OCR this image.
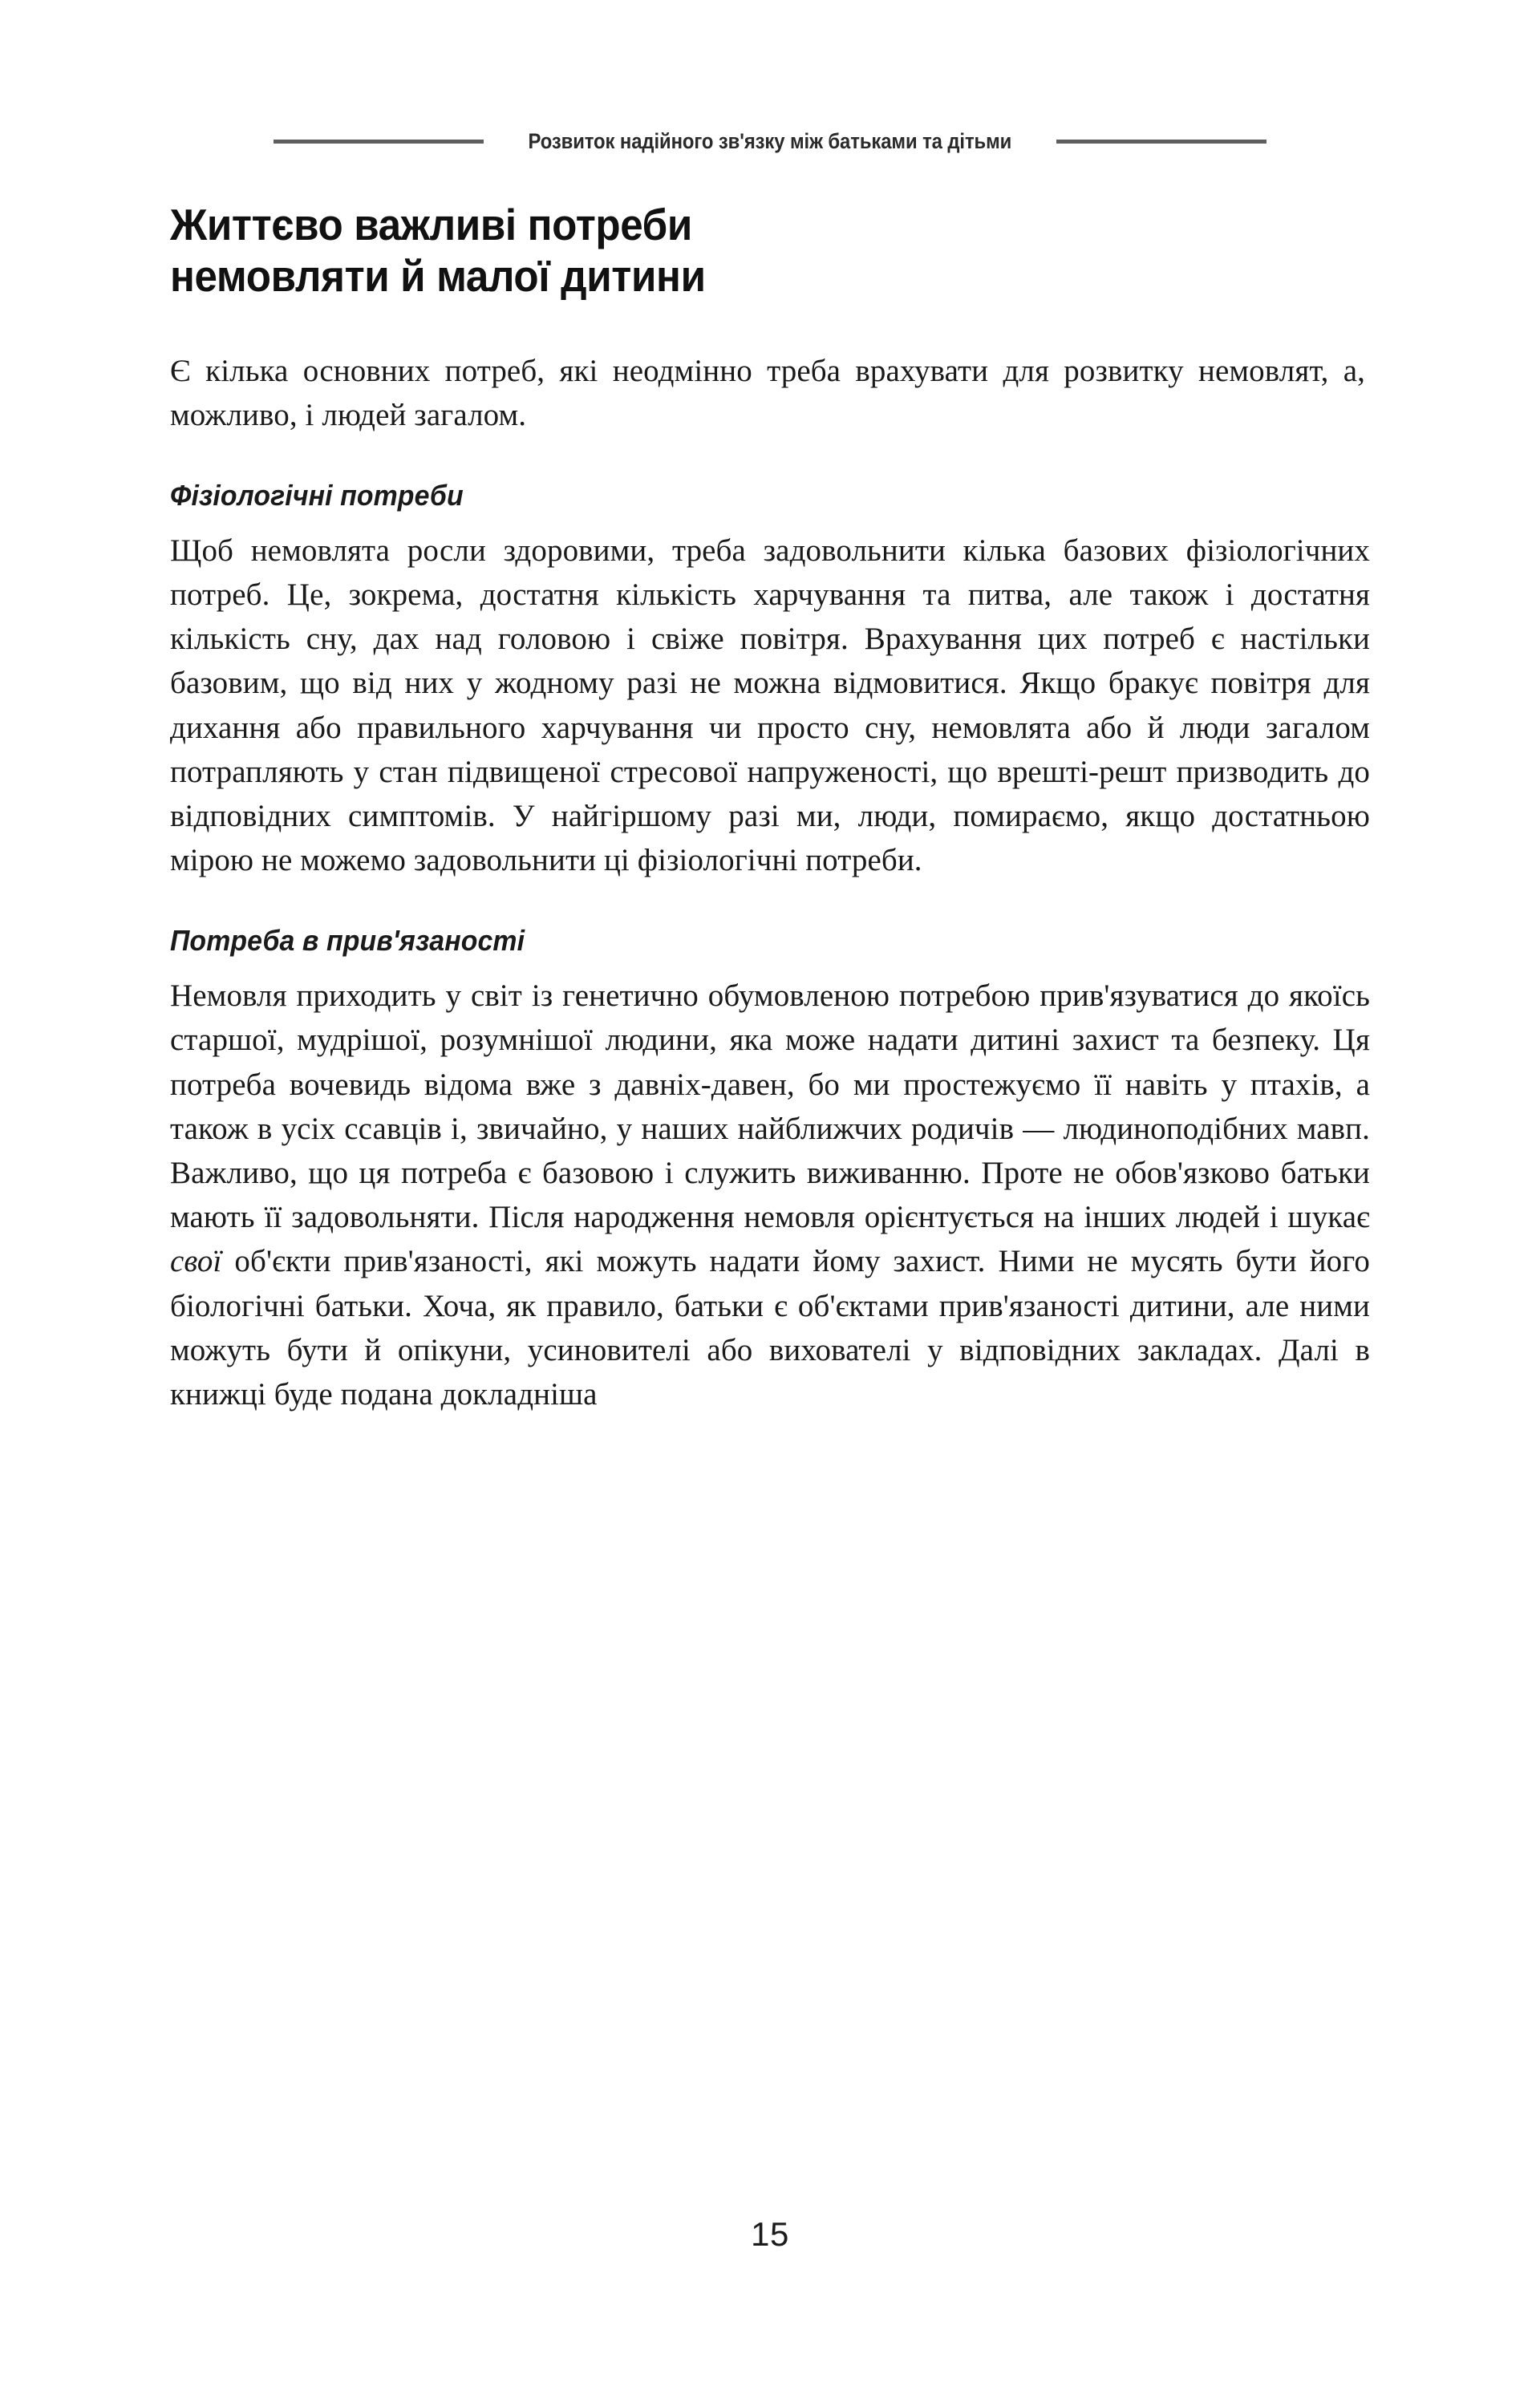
Розвиток надійного зв'язку між батьками та дітьми
Життєво важливі потреби
немовляти й малої дитини

Є кілька основних потреб, які неодмінно треба врахувати для розвитку немовлят, а, можливо, і людей загалом.

Фізіологічні потреби

Щоб немовлята росли здоровими, треба задовольнити кілька базових фізіологічних потреб. Це, зокрема, достатня кількість харчування та питва, але також і достатня кількість сну, дах над головою і свіже повітря. Врахування цих потреб є настільки базовим, що від них у жодному разі не можна відмовитися. Якщо бракує повітря для дихання або правильного харчування чи просто сну, немовлята або й люди загалом потрапляють у стан підвищеної стресової напруженості, що врешті-решт призводить до відповідних симптомів. У найгіршому разі ми, люди, помираємо, якщо достатньою мірою не можемо задовольнити ці фізіологічні потреби.

Потреба в прив'язаності

Немовля приходить у світ із генетично обумовленою потребою прив'язуватися до якоїсь старшої, мудрішої, розумнішої людини, яка може надати дитині захист та безпеку. Ця потреба вочевидь відома вже з давніх-давен, бо ми простежуємо її навіть у птахів, а також в усіх ссавців і, звичайно, у наших найближчих родичів — людиноподібних мавп. Важливо, що ця потреба є базовою і служить виживанню. Проте не обов'язково батьки мають її задовольняти. Після народження немовля орієнтується на інших людей і шукає свої об'єкти прив'язаності, які можуть надати йому захист. Ними не мусять бути його біологічні батьки. Хоча, як правило, батьки є об'єктами прив'язаності дитини, але ними можуть бути й опікуни, усиновителі або вихователі у відповідних закладах. Далі в книжці буде подана докладніша

15
